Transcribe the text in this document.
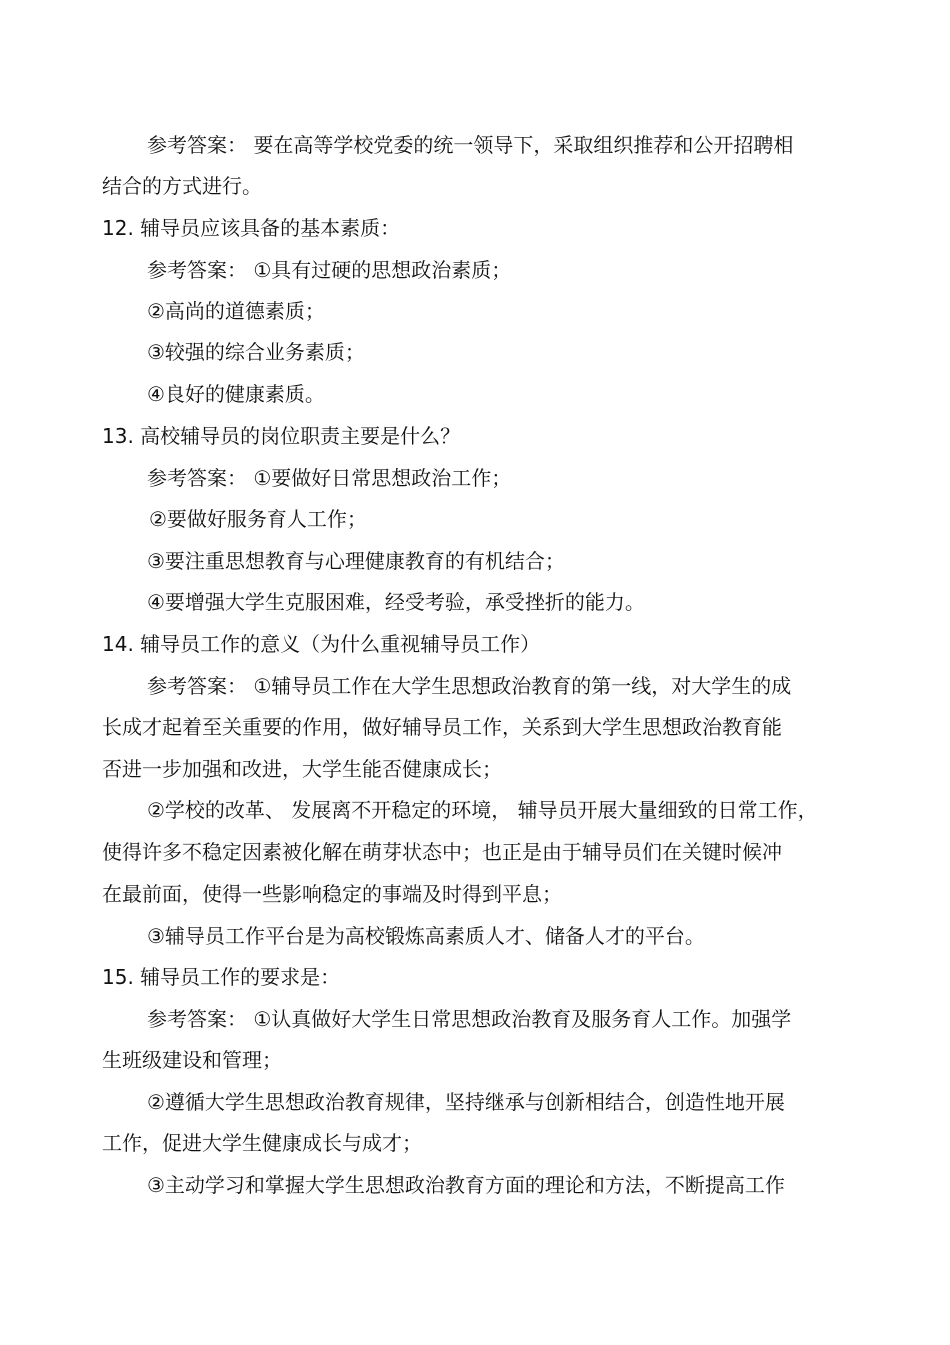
参考答案： 要在高等学校党委的统一领导下，采取组织推荐和公开招聘相
结合的方式进行。
12. 辅导员应该具备的基本素质：
参考答案： ①具有过硬的思想政治素质；
②高尚的道德素质；
③较强的综合业务素质；
④良好的健康素质。
13. 高校辅导员的岗位职责主要是什么？
参考答案： ①要做好日常思想政治工作；
②要做好服务育人工作；
③要注重思想教育与心理健康教育的有机结合；
④要增强大学生克服困难，经受考验，承受挫折的能力。
14. 辅导员工作的意义（为什么重视辅导员工作）
参考答案： ①辅导员工作在大学生思想政治教育的第一线，对大学生的成
长成才起着至关重要的作用，做好辅导员工作，关系到大学生思想政治教育能
否进一步加强和改进，大学生能否健康成长；
②学校的改革、 发展离不开稳定的环境， 辅导员开展大量细致的日常工作，
使得许多不稳定因素被化解在萌芽状态中；也正是由于辅导员们在关键时候冲
在最前面，使得一些影响稳定的事端及时得到平息；
③辅导员工作平台是为高校锻炼高素质人才、储备人才的平台。
15. 辅导员工作的要求是：
参考答案： ①认真做好大学生日常思想政治教育及服务育人工作。加强学
生班级建设和管理；
②遵循大学生思想政治教育规律，坚持继承与创新相结合，创造性地开展
工作，促进大学生健康成长与成才；
③主动学习和掌握大学生思想政治教育方面的理论和方法，不断提高工作
